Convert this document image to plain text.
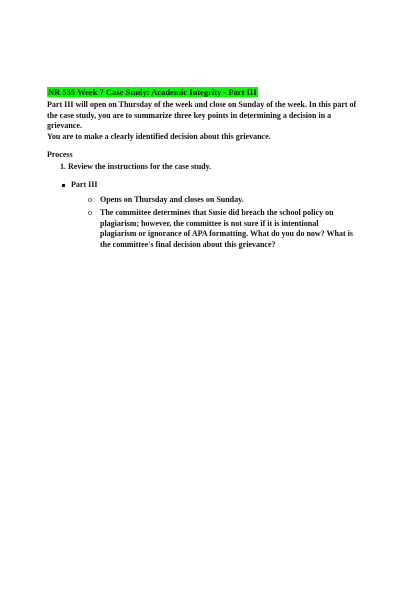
NR 535 Week 7 Case Study: Academic Integrity - Part III

Part III will open on Thursday of the week and close on Sunday of the week. In this part of the case study, you are to summarize three key points in determining a decision in a grievance.

You are to make a clearly identified decision about this grievance.

Process
1. Review the instructions for the case study.
Part III
o	Opens on Thursday and closes on Sunday.
o	The committee determines that Susie did breach the school policy on plagiarism; however, the committee is not sure if it is intentional plagiarism or ignorance of APA formatting. What do you do now? What is the committee's final decision about this grievance?
